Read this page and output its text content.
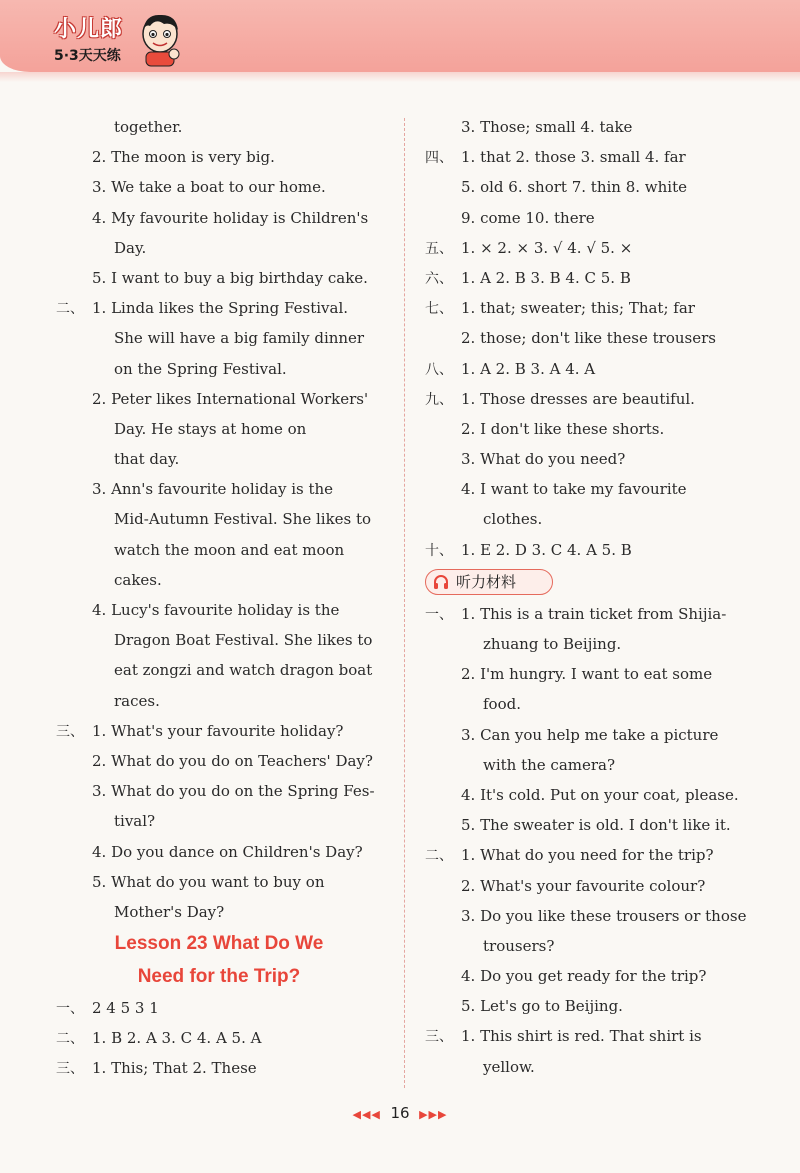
小儿郎
5·3天天练
together.
2. The moon is very big.
3. We take a boat to our home.
4. My favourite holiday is Children's
Day.
5. I want to buy a big birthday cake.
二、 1. Linda likes the Spring Festival.
She will have a big family dinner
on the Spring Festival.
2. Peter likes International Workers'
Day. He stays at home on
that day.
3. Ann's favourite holiday is the
Mid-Autumn Festival. She likes to
watch the moon and eat moon
cakes.
4. Lucy's favourite holiday is the
Dragon Boat Festival. She likes to
eat zongzi and watch dragon boat
races.
三、 1. What's your favourite holiday?
2. What do you do on Teachers' Day?
3. What do you do on the Spring Fes-
tival?
4. Do you dance on Children's Day?
5. What do you want to buy on
Mother's Day?
Lesson 23 What Do We
Need for the Trip?
一、 2 4 5 3 1
二、 1. B 2. A 3. C 4. A 5. A
三、 1. This; That 2. These
3. Those; small 4. take
四、 1. that 2. those 3. small 4. far
5. old 6. short 7. thin 8. white
9. come 10. there
五、 1. × 2. × 3. √ 4. √ 5. ×
六、 1. A 2. B 3. B 4. C 5. B
七、 1. that; sweater; this; That; far
2. those; don't like these trousers
八、 1. A 2. B 3. A 4. A
九、 1. Those dresses are beautiful.
2. I don't like these shorts.
3. What do you need?
4. I want to take my favourite
clothes.
十、 1. E 2. D 3. C 4. A 5. B
听力材料
一、 1. This is a train ticket from Shijia-
zhuang to Beijing.
2. I'm hungry. I want to eat some
food.
3. Can you help me take a picture
with the camera?
4. It's cold. Put on your coat, please.
5. The sweater is old. I don't like it.
二、 1. What do you need for the trip?
2. What's your favourite colour?
3. Do you like these trousers or those
trousers?
4. Do you get ready for the trip?
5. Let's go to Beijing.
三、 1. This shirt is red. That shirt is
yellow.
◀◀◀ 16 ▶▶▶
